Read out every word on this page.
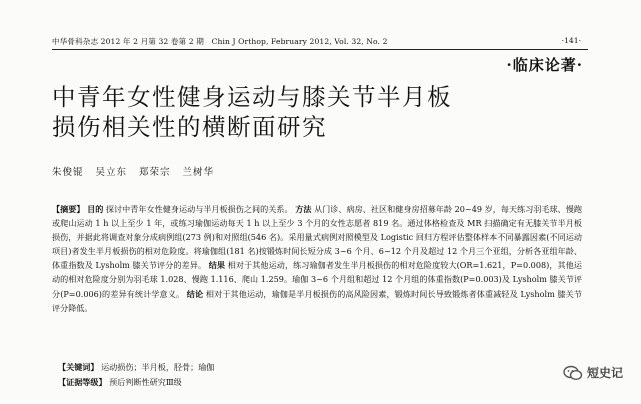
中华骨科杂志 2012 年 2 月第 32 卷第 2 期　Chin J Orthop, February 2012, Vol. 32, No. 2	·141·
·临床论著·
中青年女性健身运动与膝关节半月板
损伤相关性的横断面研究
朱俊锟 吴立东 郑荣宗 兰树华

【摘要】 目的 探讨中青年女性健身运动与半月板损伤之间的关系。 方法 从门诊、病房、社区和健身房招募年龄 20~49 岁，每天练习羽毛球、慢跑或爬山运动 1 h 以上至少 1 年，或练习瑜伽运动每天 1 h 以上至少 3 个月的女性志愿者 819 名。通过体格检查及 MR 扫描确定有无膝关节半月板损伤，并据此将调查对象分成病例组(273 例)和对照组(546 名)。采用量式病例对照模型及 Logistic 回归方程评估整体样本不同暴露因素(不同运动项目)者发生半月板损伤的相对危险度。将瑜伽组(181 名)按锻炼时间长短分成 3~6 个月、6~12 个月及超过 12 个月三个亚组，分析各亚组年龄、体重指数及 Lysholm 膝关节评分的差异。 结果 相对于其他运动，练习瑜伽者发生半月板损伤的相对危险度较大(OR=1.621，P=0.008)，其他运动的相对危险度分别为羽毛球 1.028、慢跑 1.116、爬山 1.259。瑜伽 3~6 个月组和超过 12 个月组的体重指数(P=0.003)及 Lysholm 膝关节评分(P=0.006)的差异有统计学意义。 结论 相对于其他运动，瑜伽是半月板损伤的高风险因素，锻炼时间长导致锻炼者体重减轻及 Lysholm 膝关节评分降低。

【关键词】 运动损伤；半月板，胫骨；瑜伽
【证据等级】 预后判断性研究Ⅲ级
短史记
